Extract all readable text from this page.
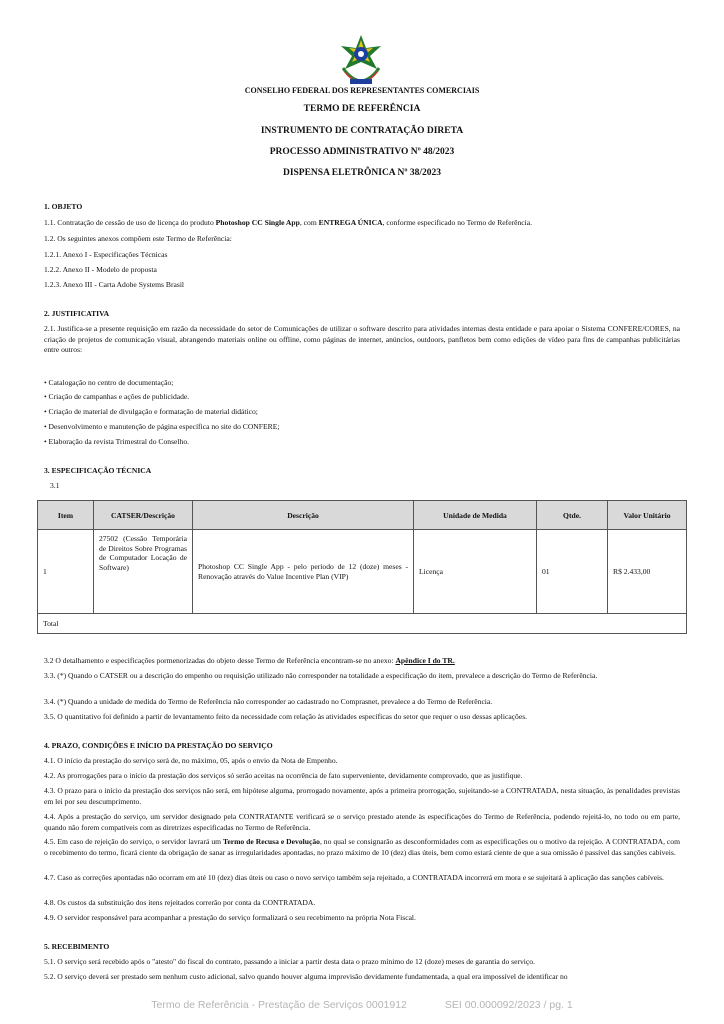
CONSELHO FEDERAL DOS REPRESENTANTES COMERCIAIS
TERMO DE REFERÊNCIA
INSTRUMENTO DE CONTRATAÇÃO DIRETA
PROCESSO ADMINISTRATIVO Nº 48/2023
DISPENSA ELETRÔNICA Nº 38/2023
1. OBJETO
1.1. Contratação de cessão de uso de licença do produto Photoshop CC Single App, com ENTREGA ÚNICA, conforme especificado no Termo de Referência.
1.2. Os seguintes anexos compõem este Termo de Referência:
1.2.1. Anexo I - Especificações Técnicas
1.2.2. Anexo II - Modelo de proposta
1.2.3. Anexo III - Carta Adobe Systems Brasil
2. JUSTIFICATIVA
2.1. Justifica-se a presente requisição em razão da necessidade do setor de Comunicações de utilizar o software descrito para atividades internas desta entidade e para apoiar o Sistema CONFERE/CORES, na criação de projetos de comunicação visual, abrangendo materiais online ou offline, como páginas de internet, anúncios, outdoors, panfletos bem como edições de vídeo para fins de campanhas publicitárias entre outros:
• Catalogação no centro de documentação;
• Criação de campanhas e ações de publicidade.
• Criação de material de divulgação e formatação de material didático;
• Desenvolvimento e manutenção de página específica no site do CONFERE;
• Elaboração da revista Trimestral do Conselho.
3. ESPECIFICAÇÃO TÉCNICA
3.1
Item	CATSER/Descrição	Descrição	Unidade de Medida	Qtde.	Valor Unitário
1	27502 (Cessão Temporária de Direitos Sobre Programas de Computador Locação de Software)	Photoshop CC Single App - pelo período de 12 (doze) meses - Renovação através do Value Incentive Plan (VIP)	Licença	01	R$ 2.433,00
Total					
3.2 O detalhamento e especificações pormenorizadas do objeto desse Termo de Referência encontram-se no anexo: Apêndice I do TR.
3.3. (*) Quando o CATSER ou a descrição do empenho ou requisição utilizado não corresponder na totalidade a especificação do item, prevalece a descrição do Termo de Referência.
3.4. (*) Quando a unidade de medida do Termo de Referência não corresponder ao cadastrado no Comprasnet, prevalece a do Termo de Referência.
3.5. O quantitativo foi definido a partir de levantamento feito da necessidade com relação às atividades específicas do setor que requer o uso dessas aplicações.
4. PRAZO, CONDIÇÕES E INÍCIO DA PRESTAÇÃO DO SERVIÇO
4.1. O início da prestação do serviço será de, no máximo, 05, após o envio da Nota de Empenho.
4.2. As prorrogações para o início da prestação dos serviços só serão aceitas na ocorrência de fato superveniente, devidamente comprovado, que as justifique.
4.3. O prazo para o início da prestação dos serviços não será, em hipótese alguma, prorrogado novamente, após a primeira prorrogação, sujeitando-se a CONTRATADA, nesta situação, às penalidades previstas em lei por seu descumprimento.
4.4. Após a prestação do serviço, um servidor designado pela CONTRATANTE verificará se o serviço prestado atende às especificações do Termo de Referência, podendo rejeitá-lo, no todo ou em parte, quando não forem compatíveis com as diretrizes especificadas no Termo de Referência.
4.5. Em caso de rejeição do serviço, o servidor lavrará um Termo de Recusa e Devolução, no qual se consignarão as desconformidades com as especificações ou o motivo da rejeição. A CONTRATADA, com o recebimento do termo, ficará ciente da obrigação de sanar as irregularidades apontadas, no prazo máximo de 10 (dez) dias úteis, bem como estará ciente de que a sua omissão é passível das sanções cabíveis.
4.7. Caso as correções apontadas não ocorram em até 10 (dez) dias úteis ou caso o novo serviço também seja rejeitado, a CONTRATADA incorrerá em mora e se sujeitará à aplicação das sanções cabíveis.
4.8. Os custos da substituição dos itens rejeitados correrão por conta da CONTRATADA.
4.9. O servidor responsável para acompanhar a prestação do serviço formalizará o seu recebimento na própria Nota Fiscal.
5. RECEBIMENTO
5.1. O serviço será recebido após o "atesto" do fiscal do contrato, passando a iniciar a partir desta data o prazo mínimo de 12 (doze) meses de garantia do serviço.
5.2. O serviço deverá ser prestado sem nenhum custo adicional, salvo quando houver alguma imprevisão devidamente fundamentada, a qual era impossível de identificar no
Termo de Referência - Prestação de Serviços 0001912	SEI 00.000092/2023 / pg. 1
